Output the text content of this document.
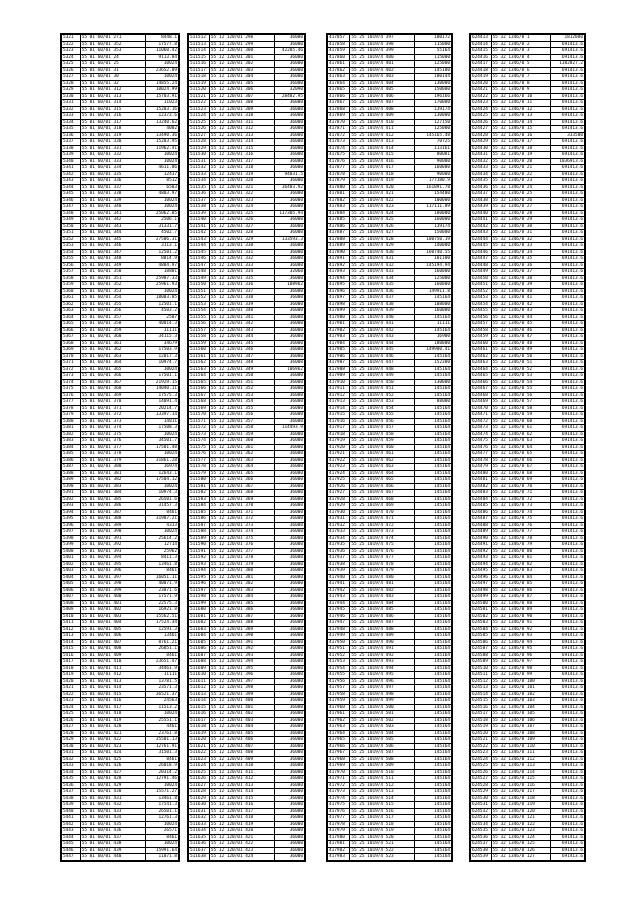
5321	55 01 60/01 271	8448.1
5322	55 01 60/01 352	17577.8
5323	55 01 60/01 353	11060.42
5324	55 01 60/01 24	9113.84
5325	55 01 60/01 25	10024
5326	55 01 60/01 31	23652.09
5327	55 01 60/01 30	10024
5328	55 01 60/01 32	14855.24
5329	55 01 60/01 312	10024.99
5330	55 01 60/01 313	15703.91
5331	55 01 60/01 314	11023
5332	55 01 60/01 315	15203.16
5333	55 01 60/01 316	12373.6
5334	55 01 60/01 317	13240.62
5335	55 01 60/01 318	4002
5336	55 01 60/01 319	13490.36
5337	55 01 60/01 330	15203.95
5338	55 01 60/01 331	11962.41
5339	55 01 60/01 332	10024
5340	55 01 60/01 333	10024
5341	55 01 60/01 334	4611.06
5342	55 01 60/01 335	12437
5343	55 01 60/01 336	8512
5344	55 01 60/01 337	6503
5345	55 01 60/01 338	4803.97
5346	55 01 60/01 339	10024
5347	55 01 60/01 340	10024
5348	55 01 60/01 341	25062.05
5349	55 01 60/01 342	2506.1
5350	55 01 60/01 343	31331.7
5351	55 01 60/01 344	4502.7
5352	55 01 60/01 345	27506.31
5353	55 01 60/01 346	3113.1
5354	55 01 60/01 347	12501.2
5355	55 01 60/01 348	8814.9
5356	55 01 60/01 349	4804.97
5357	55 01 60/01 350	18801
5358	55 01 60/01 351	25987.33
5359	55 01 60/01 352	25961.93
5360	55 01 60/01 353	10024
5361	55 01 60/01 354	18003.05
5362	55 01 60/01 355	12501.1
5363	55 01 60/01 356	4503.2
5364	55 01 60/01 357	2507
5365	55 01 60/01 358	40014.3
5366	55 01 60/01 359	11111
5367	55 01 60/01 360	34115.3
5368	55 01 60/01 361	34679
5369	55 01 60/01 362	17503.9
5370	55 01 60/01 363	12017.3
5371	55 01 60/01 364	10974.7
5372	55 01 60/01 365	10024
5373	55 01 60/01 366	17501.1
5374	55 01 60/01 367	21929.15
5375	55 01 60/01 368	14040.11
5376	55 01 60/01 369	17575.3
5377	55 01 60/01 370	14091.4
5378	55 01 60/01 371	20214.7
5379	55 01 60/01 372	13397.14
5380	55 01 60/01 373	14811
5381	55 01 60/01 374	17508.3
5382	55 01 60/01 375	10024
5383	55 01 60/01 376	34501.7
5384	55 01 60/01 377	17501.48
5385	55 01 60/01 378	10024
5386	55 01 60/01 379	31861.28
5387	55 01 60/01 380	16974
5388	55 01 60/01 381	12643.1
5389	55 01 60/01 382	17504.12
5390	55 01 60/01 383	10024
5391	55 01 60/01 384	10974.3
5392	55 01 60/01 385	26501.6
5393	55 01 60/01 386	31457.3
5394	55 01 60/01 387	8461
5395	55 01 60/01 388	31907.21
5396	55 01 60/01 389	4313
5397	55 01 60/01 390	10024
5398	55 01 60/01 391	25614.2
5399	55 01 60/01 392	12714
5400	55 01 60/01 393	25962
5401	55 01 60/01 394	8411.3
5402	55 01 60/01 395	13461.8
5403	55 01 60/01 396	8461
5404	55 01 60/01 397	16051.11
5405	55 01 60/01 398	40071.9
5406	55 01 60/01 399	23071.6
5407	55 01 60/01 400	17571.9
5408	55 01 60/01 401	22575.3
5409	55 01 60/01 402	16921.8
5410	55 01 60/01 403	15562.51
5411	55 01 60/01 404	17524.34
5412	55 01 60/01 405	12591.3
5413	55 01 60/01 406	13461
5414	55 01 60/01 407	8761.21
5415	55 01 60/01 408	26051.1
5416	55 01 60/01 409	8461
5417	55 01 60/01 410	23651.47
5418	55 01 60/01 411	34461.9
5419	55 01 60/01 412	11111
5420	55 01 60/01 413	13781.5
5421	55 01 60/01 414	23571.3
5422	55 01 60/01 415	36521.37
5423	55 01 60/01 416	24563
5424	55 01 60/01 417	11513.2
5425	55 01 60/01 418	10024
5426	55 01 60/01 419	25551.1
5427	55 01 60/01 420	4461
5428	55 01 60/01 421	23761.8
5429	55 01 60/01 422	35501.13
5430	55 01 60/01 423	12761.91
5431	55 01 60/01 424	31501.3
5432	55 01 60/01 425	8461
5433	55 01 60/01 426	26018.9
5434	55 01 60/01 427	20314.2
5435	55 01 60/01 428	12791.46
5436	55 01 60/01 429	10024
5437	55 01 60/01 430	15571.27
5438	55 01 60/01 431	13461.8
5439	55 01 60/01 432	17541.3
5440	55 01 60/01 433	26501.1
5441	55 01 60/01 434	12761.3
5442	55 01 60/01 435	10024
5443	55 01 60/01 436	26571
5444	55 01 60/01 437	8461
5445	55 01 60/01 438	10024
5446	55 01 60/01 439	15991.64
5447	55 01 60/01 440	11071.8
511512	55 12 120/01 298	36000
511513	55 12 120/01 299	36000
511514	55 12 120/01 300	42285.46
511515	55 12 120/01 301	36000
511516	55 12 120/01 302	36000
511517	55 12 120/01 303	36000
511518	55 12 120/01 304	36000
511519	55 12 120/01 305	36000
511520	55 12 120/01 306	32090
511521	55 12 120/01 307	28482.95
511522	55 12 120/01 308	36000
511523	55 12 120/01 309	36000
511524	55 12 120/01 310	36000
511525	55 12 120/01 311	36000
511526	55 12 120/01 312	36000
511527	55 12 120/01 313	36000
511528	55 12 120/01 314	36000
511529	55 12 120/01 315	36000
511530	55 12 120/01 316	36000
511531	55 12 120/01 317	36000
511532	55 12 120/01 318	36000
511533	55 12 120/01 319	94031.5
511534	55 12 120/01 320	36000
511535	55 12 120/01 321	36483.92
511536	55 12 120/01 322	36000
511537	55 12 120/01 323	36000
511538	55 12 120/01 324	36000
511539	55 12 120/01 325	117305.94
511540	55 12 120/01 326	36000
511541	55 12 120/01 327	36000
511542	55 12 120/01 328	36000
511543	55 12 120/01 329	133593.3
511544	55 12 120/01 330	36000
511545	55 12 120/01 331	36000
511546	55 12 120/01 332	36000
511547	55 12 120/01 333	36000
511548	55 12 120/01 334	32060
511549	55 12 120/01 335	36000
511550	55 12 120/01 336	108962
511551	55 12 120/01 337	36000
511552	55 12 120/01 338	36000
511553	55 12 120/01 339	36000
511554	55 12 120/01 340	36000
511555	55 12 120/01 341	36000
511556	55 12 120/01 342	36000
511557	55 12 120/01 343	36000
511558	55 12 120/01 344	36000
511559	55 12 120/01 345	36000
511560	55 12 120/01 346	36000
511561	55 12 120/01 347	36000
511562	55 12 120/01 348	36000
511563	55 12 120/01 349	106962
511564	55 12 120/01 350	36000
511565	55 12 120/01 351	36000
511566	55 12 120/01 352	36000
511567	55 12 120/01 353	36000
511568	55 12 120/01 354	36000
511569	55 12 120/01 355	36000
511570	55 12 120/01 356	36000
511571	55 12 120/01 357	36000
511572	55 12 120/01 358	114493.9
511573	55 12 120/01 359	36000
511574	55 12 120/01 360	36000
511575	55 12 120/01 361	36000
511576	55 12 120/01 362	36000
511577	55 12 120/01 363	36000
511578	55 12 120/01 364	36000
511579	55 12 120/01 365	36000
511580	55 12 120/01 366	36000
511581	55 12 120/01 367	36000
511582	55 12 120/01 368	36000
511583	55 12 120/01 369	36000
511584	55 12 120/01 370	36000
511585	55 12 120/01 371	36000
511586	55 12 120/01 372	36000
511587	55 12 120/01 373	36000
511588	55 12 120/01 374	36000
511589	55 12 120/01 375	36000
511590	55 12 120/01 376	36000
511591	55 12 120/01 377	36000
511592	55 12 120/01 378	36000
511593	55 12 120/01 379	36000
511594	55 12 120/01 380	36000
511595	55 12 120/01 381	36000
511596	55 12 120/01 382	36000
511597	55 12 120/01 383	36000
511598	55 12 120/01 384	36000
511599	55 12 120/01 385	36000
511600	55 12 120/01 386	36000
511601	55 12 120/01 387	36000
511602	55 12 120/01 388	36000
511603	55 12 120/01 389	36000
511604	55 12 120/01 390	36000
511605	55 12 120/01 391	36000
511606	55 12 120/01 392	36000
511607	55 12 120/01 393	36000
511608	55 12 120/01 394	36000
511609	55 12 120/01 395	36000
511610	55 12 120/01 396	36000
511611	55 12 120/01 397	36000
511612	55 12 120/01 398	36000
511613	55 12 120/01 399	36000
511614	55 12 120/01 400	36000
511615	55 12 120/01 401	36000
511616	55 12 120/01 402	36000
511617	55 12 120/01 403	36000
511618	55 12 120/01 404	36000
511619	55 12 120/01 405	36000
511620	55 12 120/01 406	36000
511621	55 12 120/01 407	36000
511622	55 12 120/01 408	36000
511623	55 12 120/01 409	36000
511624	55 12 120/01 410	36000
511625	55 12 120/01 411	36000
511626	55 12 120/01 412	36000
511627	55 12 120/01 413	36000
511628	55 12 120/01 414	36000
511629	55 12 120/01 415	36000
511630	55 12 120/01 416	36000
511631	55 12 120/01 417	36000
511632	55 12 120/01 418	36000
511633	55 12 120/01 419	36000
511634	55 12 120/01 420	36000
511635	55 12 120/01 421	36000
511636	55 12 120/01 422	36000
511637	55 12 120/01 423	36000
511638	55 12 120/01 424	36000
417857	55 25 1019/4 397	100172
417858	55 25 1019/4 398	115000
417859	55 25 1019/4 399	55164
417860	55 25 1019/4 400	115000
417861	55 25 1019/4 401	125000
417862	55 25 1019/4 402	145180
417863	55 25 1019/4 403	100144
417864	55 25 1019/4 404	130000
417865	55 25 1019/4 405	150000
417866	55 25 1019/4 406	196166
417867	55 25 1019/4 407	170000
417868	55 25 1019/4 408	139174
417869	55 25 1019/4 409	130000
417870	55 25 1019/4 410	127150
417871	55 25 1019/4 411	125000
417872	55 25 1019/4 412	145165.48
417873	55 25 1019/4 413	70725
417874	55 25 1019/4 414	113161
417875	55 25 1019/4 415	80081
417876	55 25 1019/4 416	90000
417877	55 25 1019/4 417	160000
417878	55 25 1019/4 418	90000
417879	55 25 1019/4 419	177180.9
417880	55 25 1019/4 420	161891.78
417881	55 25 1019/4 421	154400
417882	55 25 1019/4 422	100000
417883	55 25 1019/4 423	117111.89
417884	55 25 1019/4 424	180000
417885	55 25 1019/4 425	160000
417886	55 25 1019/4 426	139174
417887	55 25 1019/4 427	150000
417888	55 25 1019/4 428	100750.19
417889	55 25 1019/4 429	140000
417890	55 25 1019/4 430	160740.55
417891	55 25 1019/4 431	101100
417892	55 25 1019/4 432	145194.94
417893	55 25 1019/4 433	160000
417894	55 25 1019/4 434	125000
417895	55 25 1019/4 435	160000
417896	55 25 1019/4 436	149911.8
417897	55 25 1019/4 437	145164
417898	55 25 1019/4 438	108000
417899	55 25 1019/4 439	160000
417900	55 25 1019/4 440	145164
417901	55 25 1019/4 441	11111
417902	55 25 1019/4 442	145164
417903	55 25 1019/4 443	16900
417904	55 25 1019/4 444	180000
417905	55 25 1019/4 445	149900.41
417906	55 25 1019/4 446	145164
417907	55 25 1019/4 447	152300
417908	55 25 1019/4 448	145164
417909	55 25 1019/4 449	145164
417910	55 25 1019/4 450	130000
417911	55 25 1019/4 451	145164
417912	55 25 1019/4 452	145164
417913	55 25 1019/4 453	88000
417914	55 25 1019/4 454	145164
417915	55 25 1019/4 455	145164
417916	55 25 1019/4 456	145164
417917	55 25 1019/4 457	145164
417918	55 25 1019/4 458	145164
417919	55 25 1019/4 459	145164
417920	55 25 1019/4 460	145164
417921	55 25 1019/4 461	145164
417922	55 25 1019/4 462	145164
417923	55 25 1019/4 463	145164
417924	55 25 1019/4 464	145164
417925	55 25 1019/4 465	145164
417926	55 25 1019/4 466	145164
417927	55 25 1019/4 467	145164
417928	55 25 1019/4 468	145164
417929	55 25 1019/4 469	145164
417930	55 25 1019/4 470	145164
417931	55 25 1019/4 471	145164
417932	55 25 1019/4 472	145164
417933	55 25 1019/4 473	145164
417934	55 25 1019/4 474	145164
417935	55 25 1019/4 475	145164
417936	55 25 1019/4 476	145164
417937	55 25 1019/4 477	145164
417938	55 25 1019/4 478	145164
417939	55 25 1019/4 479	145164
417940	55 25 1019/4 480	145164
417941	55 25 1019/4 481	145164
417942	55 25 1019/4 482	145164
417943	55 25 1019/4 483	145164
417944	55 25 1019/4 484	145164
417945	55 25 1019/4 485	145164
417946	55 25 1019/4 486	145164
417947	55 25 1019/4 487	145164
417948	55 25 1019/4 488	145164
417949	55 25 1019/4 489	145164
417950	55 25 1019/4 490	145164
417951	55 25 1019/4 491	145164
417952	55 25 1019/4 492	145164
417953	55 25 1019/4 493	145164
417954	55 25 1019/4 494	145164
417955	55 25 1019/4 495	145164
417956	55 25 1019/4 496	145164
417957	55 25 1019/4 497	145164
417958	55 25 1019/4 498	145164
417959	55 25 1019/4 499	145164
417960	55 25 1019/4 500	145164
417961	55 25 1019/4 501	145164
417962	55 25 1019/4 502	145164
417963	55 25 1019/4 503	145164
417964	55 25 1019/4 504	145164
417965	55 25 1019/4 505	145164
417966	55 25 1019/4 506	145164
417967	55 25 1019/4 507	145164
417968	55 25 1019/4 508	145164
417969	55 25 1019/4 509	145164
417970	55 25 1019/4 510	145164
417971	55 25 1019/4 511	145164
417972	55 25 1019/4 512	145164
417973	55 25 1019/4 513	145164
417974	55 25 1019/4 514	145164
417975	55 25 1019/4 515	145164
417976	55 25 1019/4 516	145164
417977	55 25 1019/4 517	145164
417978	55 25 1019/4 518	145164
417979	55 25 1019/4 519	145164
417980	55 25 1019/4 520	145164
417981	55 25 1019/4 521	145164
417982	55 25 1019/4 522	145164
417983	55 25 1019/4 523	145164
624413	55 32 1346/0 1	1812000
624414	55 32 1346/0 2	691413.6
624415	55 32 1346/0 3	691413.6
624416	55 32 1346/0 4	691413.6
624417	55 32 1346/0 5	1382827.2
624418	55 32 1346/0 6	691413.6
624419	55 32 1346/0 7	691413.6
624420	55 32 1346/0 8	691413.6
624421	55 32 1346/0 9	691413.6
624422	55 32 1346/0 10	691413.6
624423	55 32 1346/0 11	691413.6
624424	55 32 1346/0 12	691413.6
624425	55 32 1346/0 13	691413.6
624426	55 32 1346/0 14	691413.6
624427	55 32 1346/0 15	691413.6
624428	55 32 1346/0 16	333500
624429	55 32 1346/0 17	691413.6
624430	55 32 1346/0 18	691413.6
624431	55 32 1346/0 19	691413.6
624432	55 32 1346/0 20	1036913.6
624433	55 32 1346/0 21	691413.6
624434	55 32 1346/0 22	691413.6
624435	55 32 1346/0 23	691413.6
624436	55 32 1346/0 24	691413.6
624437	55 32 1346/0 25	691413.6
624438	55 32 1346/0 26	691413.6
624439	55 32 1346/0 27	691413.6
624440	55 32 1346/0 28	691413.6
624441	55 32 1346/0 29	691413.6
624442	55 32 1346/0 30	691413.6
624443	55 32 1346/0 31	691413.6
624444	55 32 1346/0 32	691413.6
624445	55 32 1346/0 33	691413.6
624446	55 32 1346/0 34	691413.6
624447	55 32 1346/0 35	691413.6
624448	55 32 1346/0 36	691413.6
624449	55 32 1346/0 37	691413.6
624450	55 32 1346/0 38	691413.6
624451	55 32 1346/0 39	691413.6
624452	55 32 1346/0 40	691413.6
624453	55 32 1346/0 41	691413.6
624454	55 32 1346/0 42	691413.6
624455	55 32 1346/0 43	691413.6
624456	55 32 1346/0 44	691413.6
624457	55 32 1346/0 45	691413.6
624458	55 32 1346/0 46	691413.6
624459	55 32 1346/0 47	691413.6
624460	55 32 1346/0 48	691413.6
624461	55 32 1346/0 49	691413.6
624462	55 32 1346/0 50	691413.6
624463	55 32 1346/0 51	691413.6
624464	55 32 1346/0 52	691413.6
624465	55 32 1346/0 53	691413.6
624466	55 32 1346/0 54	691413.6
624467	55 32 1346/0 55	691413.6
624468	55 32 1346/0 56	691413.6
624469	55 32 1346/0 57	691413.6
624470	55 32 1346/0 58	691413.6
624471	55 32 1346/0 59	691413.6
624472	55 32 1346/0 60	691413.6
624473	55 32 1346/0 61	691413.6
624474	55 32 1346/0 62	691413.6
624475	55 32 1346/0 63	691413.6
624476	55 32 1346/0 64	691413.6
624477	55 32 1346/0 65	691413.6
624478	55 32 1346/0 66	691413.6
624479	55 32 1346/0 67	691413.6
624480	55 32 1346/0 68	691413.6
624481	55 32 1346/0 69	691413.6
624482	55 32 1346/0 70	691413.6
624483	55 32 1346/0 71	691413.6
624484	55 32 1346/0 72	691413.6
624485	55 32 1346/0 73	691413.6
624486	55 32 1346/0 74	691413.6
624487	55 32 1346/0 75	691413.6
624488	55 32 1346/0 76	691413.6
624489	55 32 1346/0 77	691413.6
624490	55 32 1346/0 78	691413.6
624491	55 32 1346/0 79	691413.6
624492	55 32 1346/0 80	691413.6
624493	55 32 1346/0 81	691413.6
624494	55 32 1346/0 82	691413.6
624495	55 32 1346/0 83	691413.6
624496	55 32 1346/0 84	691413.6
624497	55 32 1346/0 85	691413.6
624498	55 32 1346/0 86	691413.6
624499	55 32 1346/0 87	691413.6
624500	55 32 1346/0 88	691413.6
624501	55 32 1346/0 89	691413.6
624502	55 32 1346/0 90	691413.6
624503	55 32 1346/0 91	691413.6
624504	55 32 1346/0 92	691413.6
624505	55 32 1346/0 93	691413.6
624506	55 32 1346/0 94	691413.6
624507	55 32 1346/0 95	691413.6
624508	55 32 1346/0 96	691413.6
624509	55 32 1346/0 97	691413.6
624510	55 32 1346/0 98	691413.6
624511	55 32 1346/0 99	691413.6
624512	55 32 1346/0 100	691413.6
624513	55 32 1346/0 101	691413.6
624514	55 32 1346/0 102	691413.6
624515	55 32 1346/0 103	691413.6
624516	55 32 1346/0 104	691413.6
624517	55 32 1346/0 105	691413.6
624518	55 32 1346/0 106	691413.6
624519	55 32 1346/0 107	691413.6
624520	55 32 1346/0 108	691413.6
624521	55 32 1346/0 109	691413.6
624522	55 32 1346/0 110	691413.6
624523	55 32 1346/0 111	691413.6
624524	55 32 1346/0 112	691413.6
624525	55 32 1346/0 113	691413.6
624526	55 32 1346/0 114	691413.6
624527	55 32 1346/0 115	691413.6
624528	55 32 1346/0 116	691413.6
624529	55 32 1346/0 117	691413.6
624530	55 32 1346/0 118	691413.6
624531	55 32 1346/0 119	691413.6
624532	55 32 1346/0 120	691413.6
624533	55 32 1346/0 121	691413.6
624534	55 32 1346/0 122	691413.6
624535	55 32 1346/0 123	691413.6
624536	55 32 1346/0 124	691413.6
624537	55 32 1346/0 125	691413.6
624538	55 32 1346/0 126	691413.6
624539	55 32 1346/0 127	691413.6
